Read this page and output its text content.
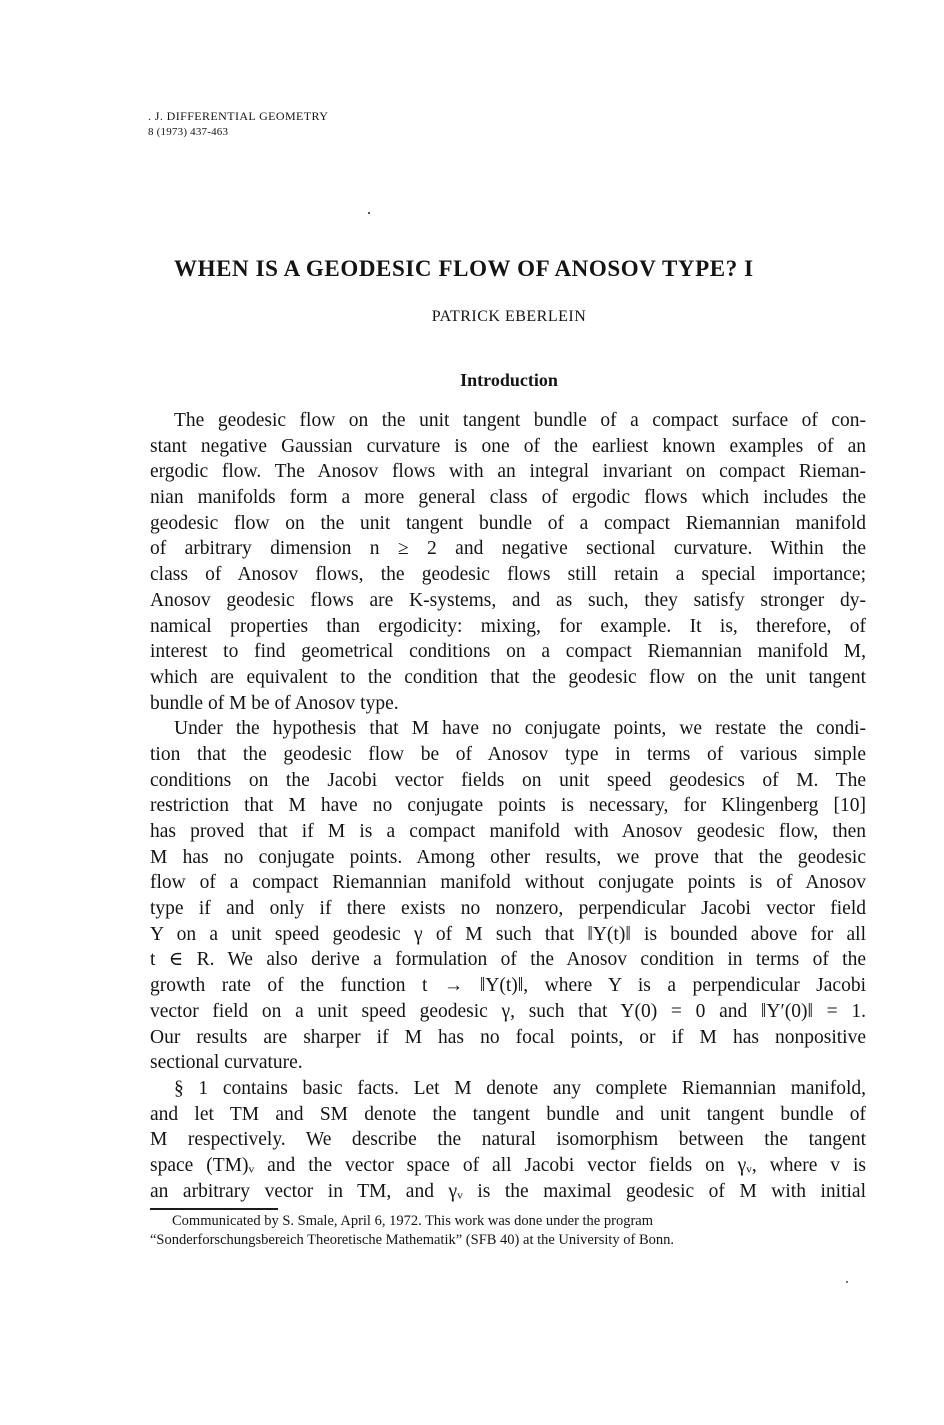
. J. DIFFERENTIAL GEOMETRY
8 (1973) 437-463
WHEN IS A GEODESIC FLOW OF ANOSOV TYPE? I
PATRICK EBERLEIN
Introduction
The geodesic flow on the unit tangent bundle of a compact surface of con-
stant negative Gaussian curvature is one of the earliest known examples of an
ergodic flow. The Anosov flows with an integral invariant on compact Rieman-
nian manifolds form a more general class of ergodic flows which includes the
geodesic flow on the unit tangent bundle of a compact Riemannian manifold
of arbitrary dimension n ≥ 2 and negative sectional curvature. Within the
class of Anosov flows, the geodesic flows still retain a special importance;
Anosov geodesic flows are K-systems, and as such, they satisfy stronger dy-
namical properties than ergodicity: mixing, for example. It is, therefore, of
interest to find geometrical conditions on a compact Riemannian manifold M,
which are equivalent to the condition that the geodesic flow on the unit tangent
bundle of M be of Anosov type.
Under the hypothesis that M have no conjugate points, we restate the condi-
tion that the geodesic flow be of Anosov type in terms of various simple
conditions on the Jacobi vector fields on unit speed geodesics of M. The
restriction that M have no conjugate points is necessary, for Klingenberg [10]
has proved that if M is a compact manifold with Anosov geodesic flow, then
M has no conjugate points. Among other results, we prove that the geodesic
flow of a compact Riemannian manifold without conjugate points is of Anosov
type if and only if there exists no nonzero, perpendicular Jacobi vector field
Y on a unit speed geodesic γ of M such that ‖Y(t)‖ is bounded above for all
t ∈ R. We also derive a formulation of the Anosov condition in terms of the
growth rate of the function t → ‖Y(t)‖, where Y is a perpendicular Jacobi
vector field on a unit speed geodesic γ, such that Y(0) = 0 and ‖Y′(0)‖ = 1.
Our results are sharper if M has no focal points, or if M has nonpositive
sectional curvature.
§ 1 contains basic facts. Let M denote any complete Riemannian manifold,
and let TM and SM denote the tangent bundle and unit tangent bundle of
M respectively. We describe the natural isomorphism between the tangent
space (TM)ᵥ and the vector space of all Jacobi vector fields on γᵥ, where v is
an arbitrary vector in TM, and γᵥ is the maximal geodesic of M with initial
Communicated by S. Smale, April 6, 1972. This work was done under the program
“Sonderforschungsbereich Theoretische Mathematik” (SFB 40) at the University of Bonn.
